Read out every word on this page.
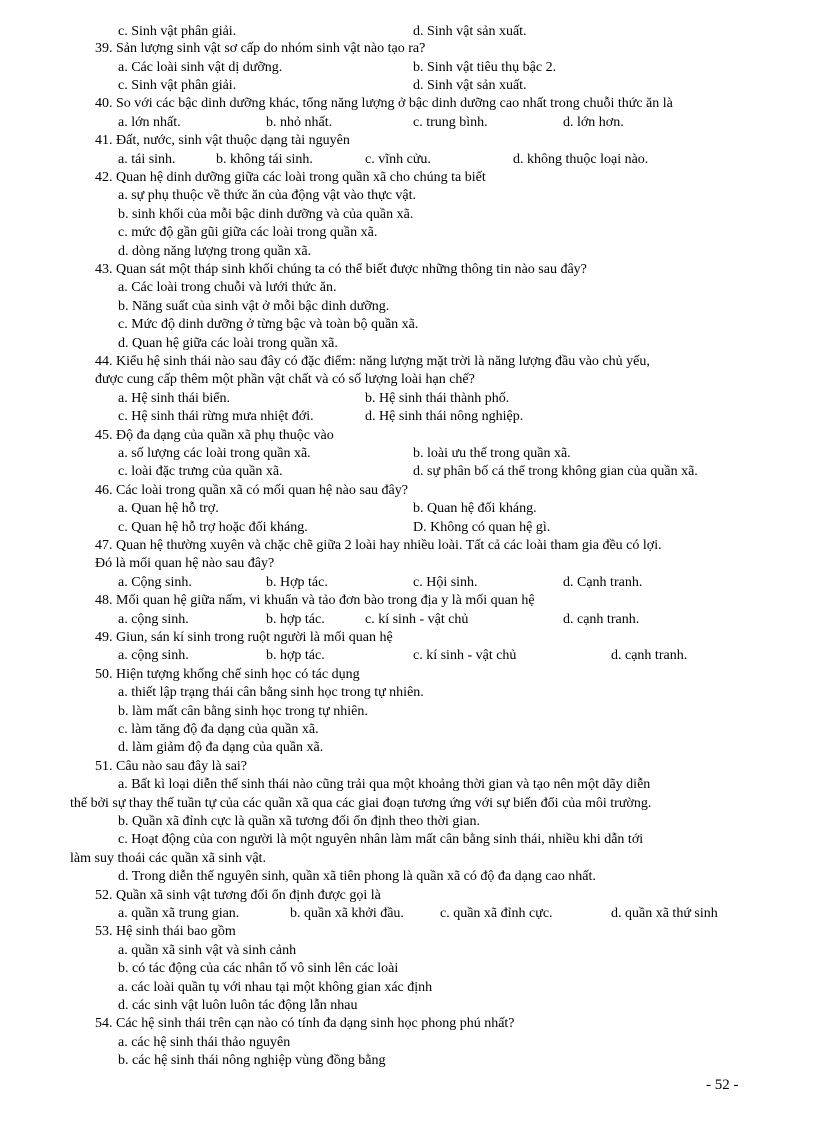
c. Sinh vật phân giải.	d. Sinh vật sản xuất.
39. Sản lượng sinh vật sơ cấp do nhóm sinh vật nào tạo ra?
a. Các loài sinh vật dị dưỡng.	b. Sinh vật tiêu thụ bậc 2.
c. Sinh vật phân giải.	d. Sinh vật sản xuất.
40. So với các bậc dinh dưỡng khác, tổng năng lượng ở bậc dinh dưỡng cao nhất trong chuỗi thức ăn là
a. lớn nhất.	b. nhỏ nhất.	c. trung bình.	d. lớn hơn.
41. Đất, nước, sinh vật thuộc dạng tài nguyên
a. tái sinh.	b. không tái sinh.	c. vĩnh cửu.	d. không thuộc loại nào.
42. Quan hệ dinh dưỡng giữa các loài trong quần xã cho chúng ta biết
a. sự phụ thuộc về thức ăn của động vật vào thực vật.
b. sinh khối của mỗi bậc dinh dưỡng và của quần xã.
c. mức độ gần gũi giữa các loài trong quần xã.
d. dòng năng lượng trong quần xã.
43. Quan sát một tháp sinh khối chúng ta có thể biết được những thông tin nào sau đây?
a. Các loài trong chuỗi và lưới thức ăn.
b. Năng suất của sinh vật ở mỗi bậc dinh dưỡng.
c. Mức độ dinh dưỡng ở từng bậc và toàn bộ quần xã.
d. Quan hệ giữa các loài trong quần xã.
44. Kiểu hệ sinh thái nào sau đây có đặc điểm: năng lượng mặt trời là năng lượng đầu vào chủ yếu,
được cung cấp thêm một phần vật chất và có số lượng loài hạn chế?
a. Hệ sinh thái biển.	b. Hệ sinh thái thành phố.
c. Hệ sinh thái rừng mưa nhiệt đới.	d. Hệ sinh thái nông nghiệp.
45. Độ đa dạng của quần xã phụ thuộc vào
a. số lượng các loài trong quần xã.	b. loài ưu thế trong quần xã.
c. loài đặc trưng của quần xã.	d. sự phân bố cá thể trong không gian của quần xã.
46. Các loài trong quần xã có mối quan hệ nào sau đây?
a. Quan hệ hỗ trợ.	b. Quan hệ đối kháng.
c. Quan hệ hỗ trợ hoặc đối kháng.	D. Không có quan hệ gì.
47. Quan hệ thường xuyên và chặc chẽ giữa 2 loài hay nhiều loài. Tất cả các loài tham gia đều có lợi.
Đó là mối quan hệ nào sau đây?
a. Cộng sinh.	b. Hợp tác.	c. Hội sinh.	d. Cạnh tranh.
48. Mối quan hệ giữa nấm, vi khuẩn và tảo đơn bào trong địa y là mối quan hệ
a. cộng sinh.	b. hợp tác.	c. kí sinh - vật chủ	d. cạnh tranh.
49. Giun, sán kí sinh trong ruột người là mối quan hệ
a. cộng sinh.	b. hợp tác.	c. kí sinh - vật chủ	d. cạnh tranh.
50. Hiện tượng khống chế sinh học có tác dụng
a. thiết lập trạng thái cân bằng sinh học trong tự nhiên.
b. làm mất cân bằng sinh học trong tự nhiên.
c. làm tăng độ đa dạng của quần xã.
d. làm giảm độ đa dạng của quần xã.
51. Câu nào sau đây là sai?
a. Bất kì loại diễn thế sinh thái nào cũng trải qua một khoảng thời gian và tạo nên một dãy diễn
thế bởi sự thay thế tuần tự của các quần xã qua các giai đoạn tương ứng với sự biến đổi của môi trường.
b. Quần xã đỉnh cực là quần xã tương đối ổn định theo thời gian.
c. Hoạt động của con người là một nguyên nhân làm mất cân bằng sinh thái, nhiều khi dẫn tới
làm suy thoái các quần xã sinh vật.
d. Trong diễn thế nguyên sinh, quần xã tiên phong là quần xã có độ đa dạng cao nhất.
52. Quần xã sinh vật tương đối ổn định được gọi là
a. quần xã trung gian.	b. quần xã khởi đầu.	c. quần xã đỉnh cực.	d. quần xã thứ sinh
53. Hệ sinh thái bao gồm
a. quần xã sinh vật và sinh cảnh
b. có tác động của các nhân tố vô sinh lên các loài
a. các loài quần tụ với nhau tại một không gian xác định
d. các sinh vật luôn luôn tác động lẫn nhau
54. Các hệ sinh thái trên cạn nào có tính đa dạng sinh học phong phú nhất?
a. các hệ sinh thái thảo nguyên
b. các hệ sinh thái nông nghiệp vùng đồng bằng
- 52 -
